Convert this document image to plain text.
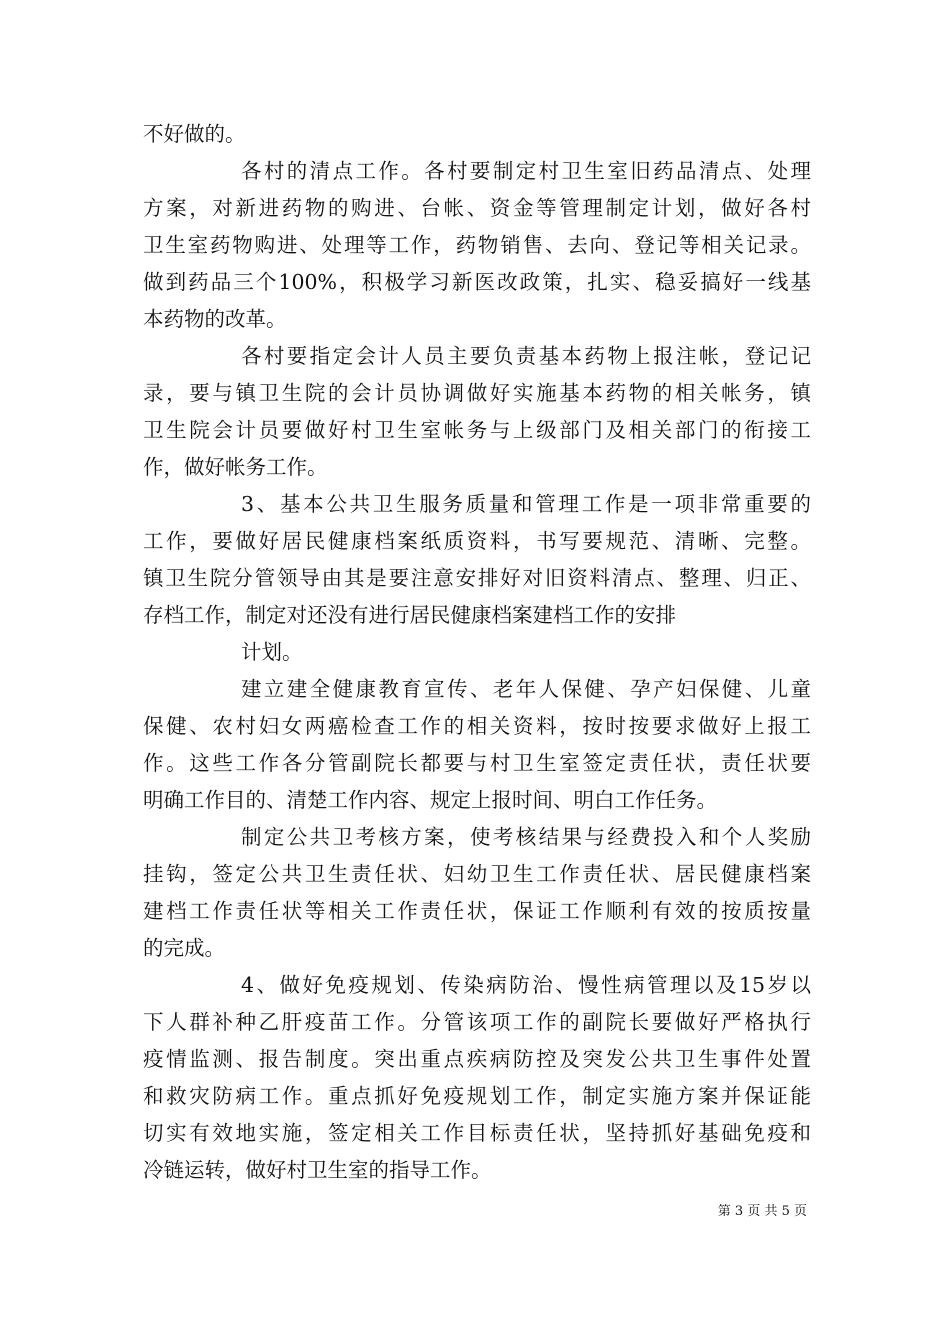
不好做的。
各村的清点工作。各村要制定村卫生室旧药品清点、处理
方案，对新进药物的购进、台帐、资金等管理制定计划，做好各村
卫生室药物购进、处理等工作，药物销售、去向、登记等相关记录。
做到药品三个100%，积极学习新医改政策，扎实、稳妥搞好一线基
本药物的改革。
各村要指定会计人员主要负责基本药物上报注帐，登记记
录，要与镇卫生院的会计员协调做好实施基本药物的相关帐务，镇
卫生院会计员要做好村卫生室帐务与上级部门及相关部门的衔接工
作，做好帐务工作。
3、基本公共卫生服务质量和管理工作是一项非常重要的
工作，要做好居民健康档案纸质资料，书写要规范、清晰、完整。
镇卫生院分管领导由其是要注意安排好对旧资料清点、整理、归正、
存档工作，制定对还没有进行居民健康档案建档工作的安排
计划。
建立建全健康教育宣传、老年人保健、孕产妇保健、儿童
保健、农村妇女两癌检查工作的相关资料，按时按要求做好上报工
作。这些工作各分管副院长都要与村卫生室签定责任状，责任状要
明确工作目的、清楚工作内容、规定上报时间、明白工作任务。
制定公共卫考核方案，使考核结果与经费投入和个人奖励
挂钩，签定公共卫生责任状、妇幼卫生工作责任状、居民健康档案
建档工作责任状等相关工作责任状，保证工作顺利有效的按质按量
的完成。
4、做好免疫规划、传染病防治、慢性病管理以及15岁以
下人群补种乙肝疫苗工作。分管该项工作的副院长要做好严格执行
疫情监测、报告制度。突出重点疾病防控及突发公共卫生事件处置
和救灾防病工作。重点抓好免疫规划工作，制定实施方案并保证能
切实有效地实施，签定相关工作目标责任状，坚持抓好基础免疫和
冷链运转，做好村卫生室的指导工作。
第 3 页 共 5 页
